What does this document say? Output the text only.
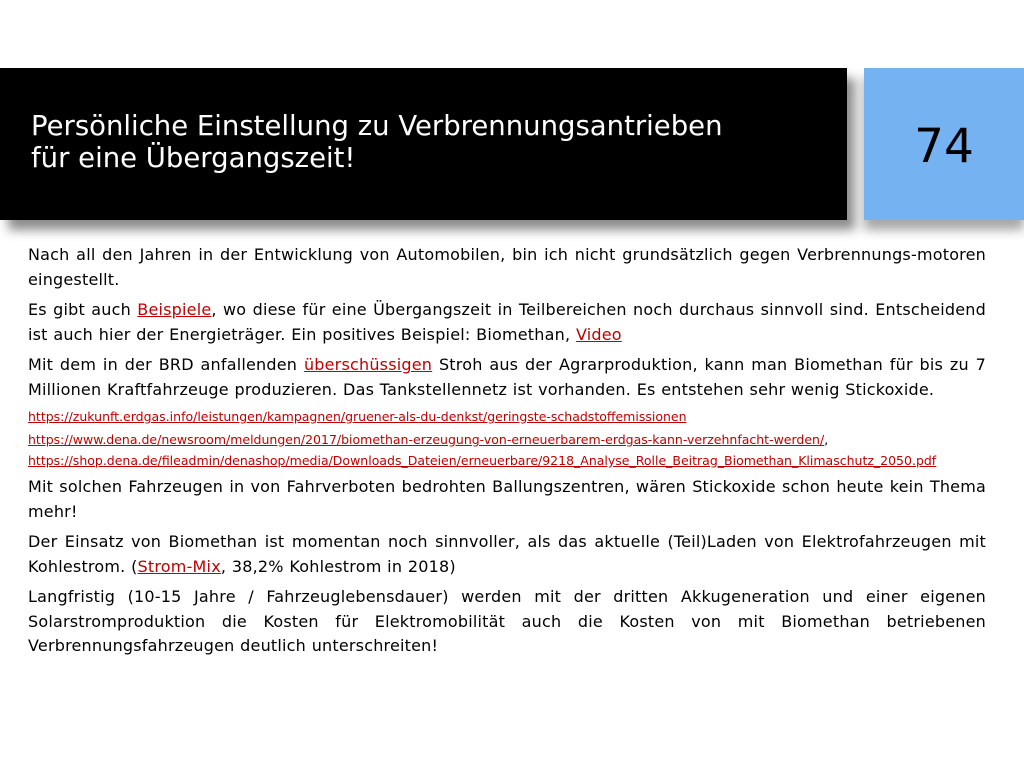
Persönliche Einstellung zu Verbrennungsantrieben
für eine Übergangszeit!	74

Nach all den Jahren in der Entwicklung von Automobilen, bin ich nicht grundsätzlich gegen Verbrennungs-motoren eingestellt.

Es gibt auch Beispiele, wo diese für eine Übergangszeit in Teilbereichen noch durchaus sinnvoll sind. Entscheidend ist auch hier der Energieträger. Ein positives Beispiel: Biomethan, Video

Mit dem in der BRD anfallenden überschüssigen Stroh aus der Agrarproduktion, kann man Biomethan für bis zu 7 Millionen Kraftfahrzeuge produzieren. Das Tankstellennetz ist vorhanden. Es entstehen sehr wenig Stickoxide.

https://zukunft.erdgas.info/leistungen/kampagnen/gruener-als-du-denkst/geringste-schadstoffemissionen

https://www.dena.de/newsroom/meldungen/2017/biomethan-erzeugung-von-erneuerbarem-erdgas-kann-verzehnfacht-werden/,
https://shop.dena.de/fileadmin/denashop/media/Downloads_Dateien/erneuerbare/9218_Analyse_Rolle_Beitrag_Biomethan_Klimaschutz_2050.pdf

Mit solchen Fahrzeugen in von Fahrverboten bedrohten Ballungszentren, wären Stickoxide schon heute kein Thema mehr!

Der Einsatz von Biomethan ist momentan noch sinnvoller, als das aktuelle (Teil)Laden von Elektrofahrzeugen mit Kohlestrom. (Strom-Mix, 38,2% Kohlestrom in 2018)

Langfristig (10-15 Jahre / Fahrzeuglebensdauer) werden mit der dritten Akkugeneration und einer eigenen Solarstromproduktion die Kosten für Elektromobilität auch die Kosten von mit Biomethan betriebenen Verbrennungsfahrzeugen deutlich unterschreiten!
